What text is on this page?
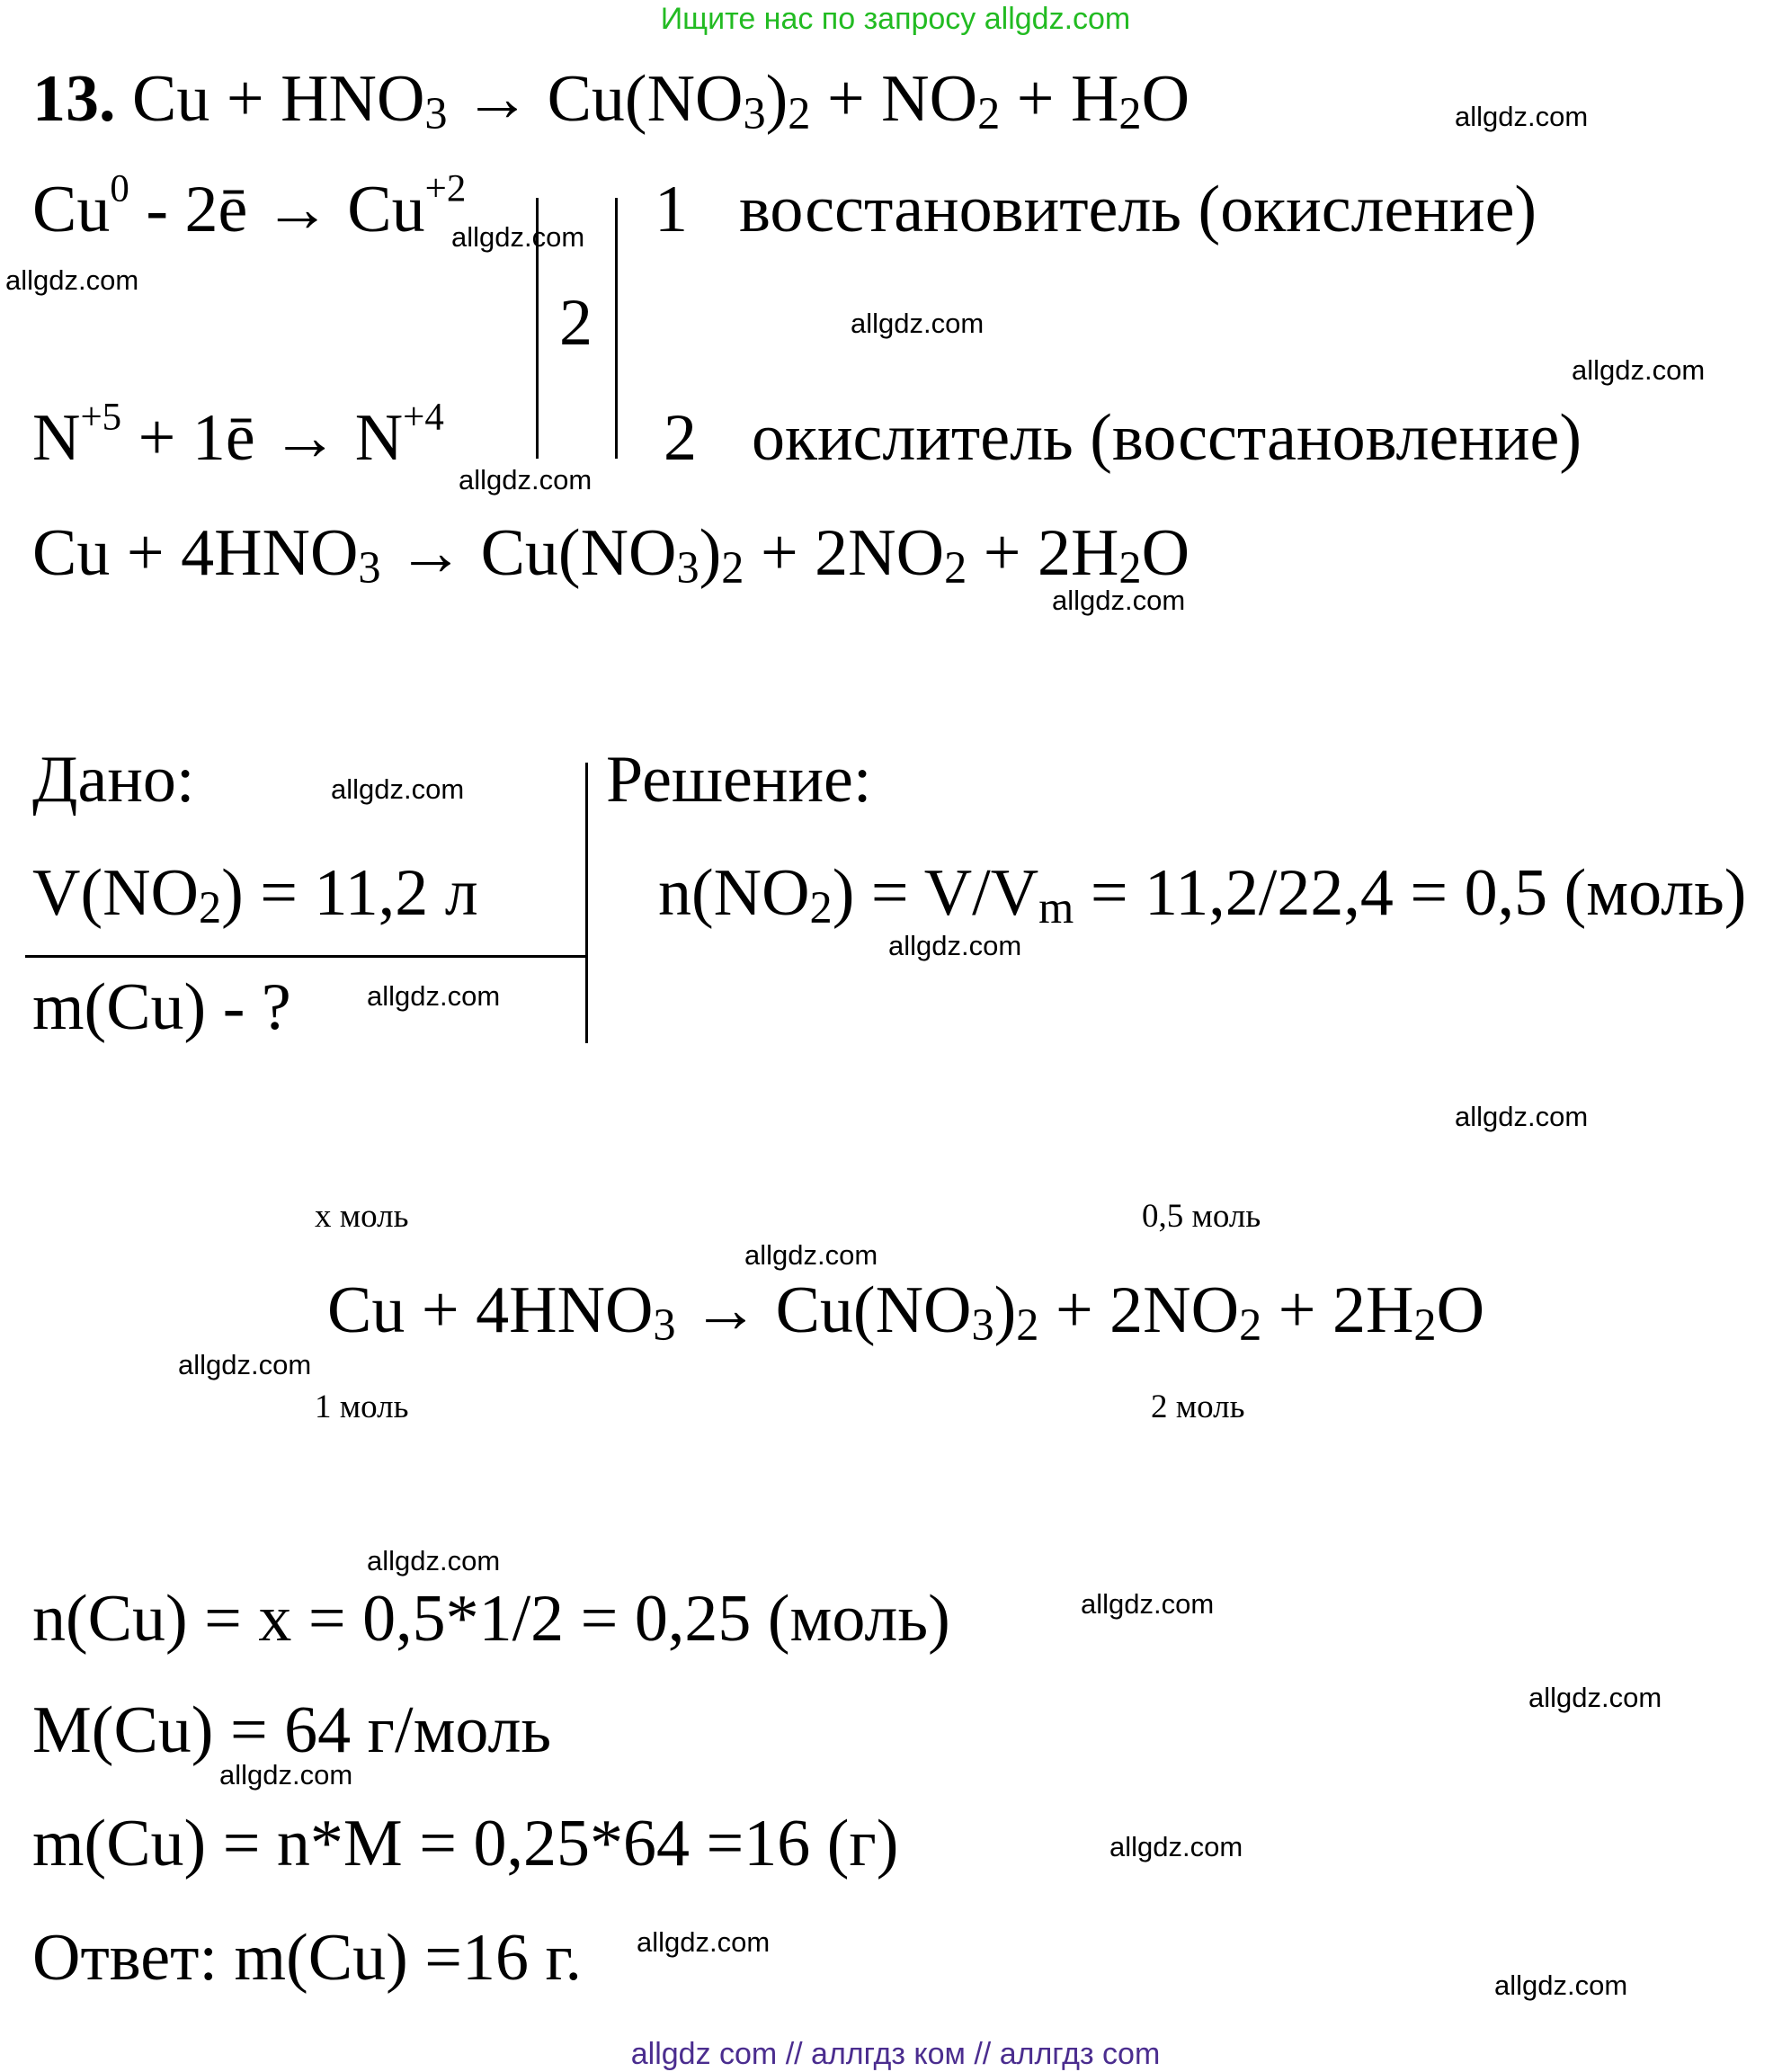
Ищите нас по запросу allgdz.com
13. $Cu + HNO_3 \to Cu(NO_3)_2 + NO_2 + H_2O$
Cu$^0$ - 2ē → $Cu^{+2}$	1 восстановитель (окисление)
2
$N^{+5}$ + 1ē → $N^{+4}$	2 окислитель (восстановление)
$Cu + 4HNO_3 \to Cu(NO_3)_2 + 2NO_2 + 2H_2O$
Дано:
$V(NO_2) = 11,2$ л
m(Cu) - ?
Решение:
$n(NO_2) = V/V_m = 11,2/22,4 = 0,5$ (моль)
x моль	0,5 моль
$Cu + 4HNO_3 \to Cu(NO_3)_2 + 2NO_2 + 2H_2O$
1 моль	2 моль
n(Cu) = x = 0,5*1/2 = 0,25 (моль)
M(Cu) = 64 г/моль
m(Cu) = n*M = 0,25*64 =16 (г)
Ответ: m(Cu) =16 г.
allgdz.com
allgdz.com
allgdz.com
allgdz.com
allgdz.com
allgdz.com
allgdz.com
allgdz.com
allgdz.com
allgdz.com
allgdz.com
allgdz.com
allgdz.com
allgdz.com
allgdz.com
allgdz.com
allgdz.com
allgdz.com
allgdz.com
allgdz.com
allgdz com // аллгдз ком // аллгдз com
